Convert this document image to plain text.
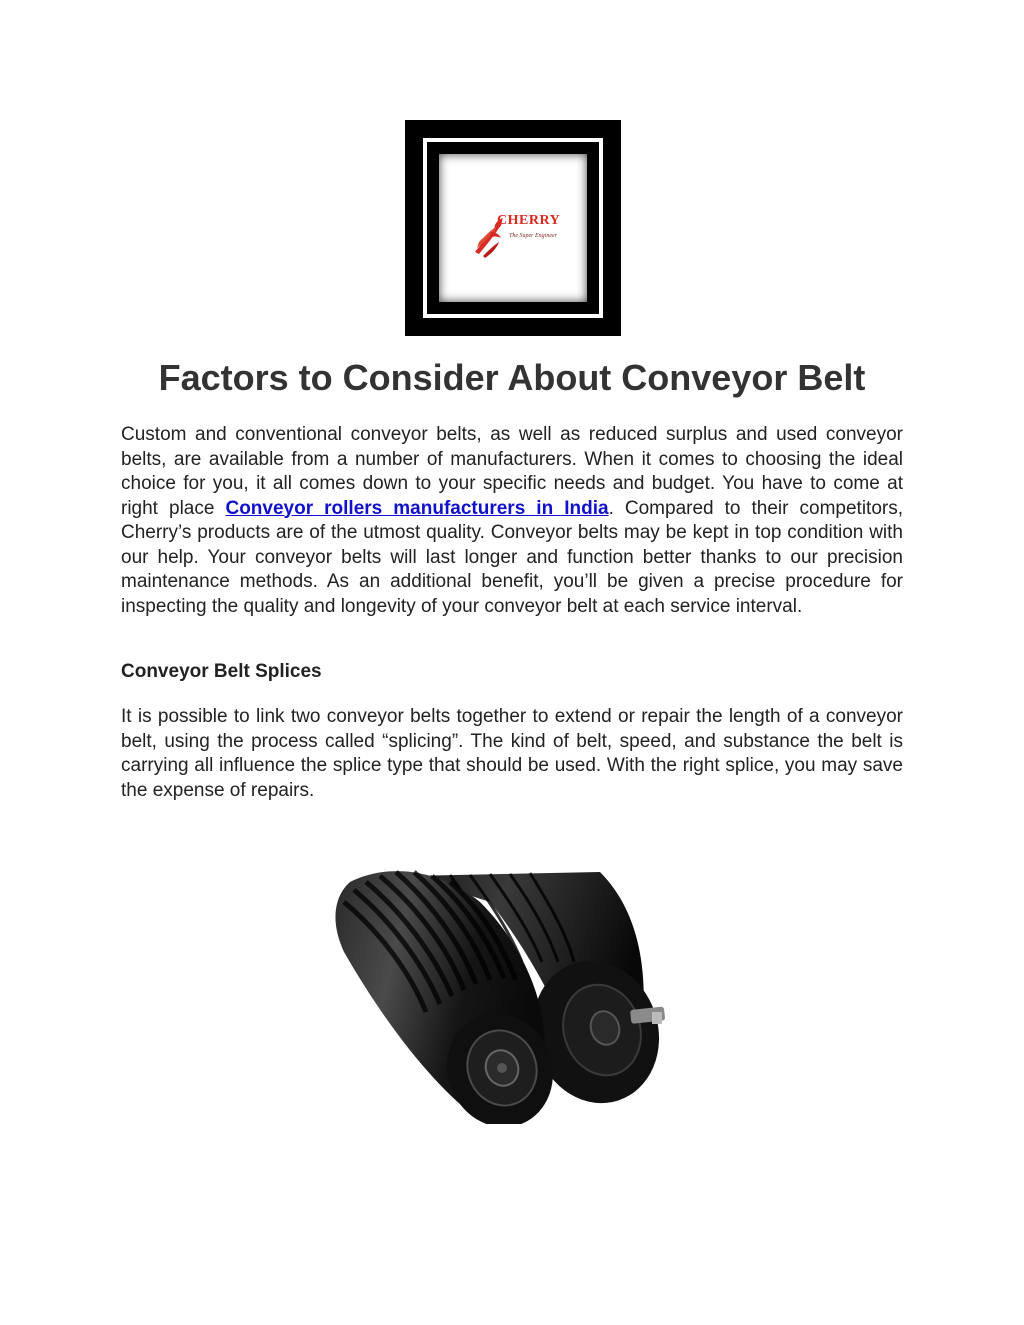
CHERRY
The Super Engineer
Factors to Consider About Conveyor Belt

Custom and conventional conveyor belts, as well as reduced surplus and used conveyor belts, are available from a number of manufacturers. When it comes to choosing the ideal choice for you, it all comes down to your specific needs and budget. You have to come at right place Conveyor rollers manufacturers in India. Compared to their competitors, Cherry’s products are of the utmost quality. Conveyor belts may be kept in top condition with our help. Your conveyor belts will last longer and function better thanks to our precision maintenance methods. As an additional benefit, you’ll be given a precise procedure for inspecting the quality and longevity of your conveyor belt at each service interval.

Conveyor Belt Splices

It is possible to link two conveyor belts together to extend or repair the length of a conveyor belt, using the process called “splicing”. The kind of belt, speed, and substance the belt is carrying all influence the splice type that should be used. With the right splice, you may save the expense of repairs.
